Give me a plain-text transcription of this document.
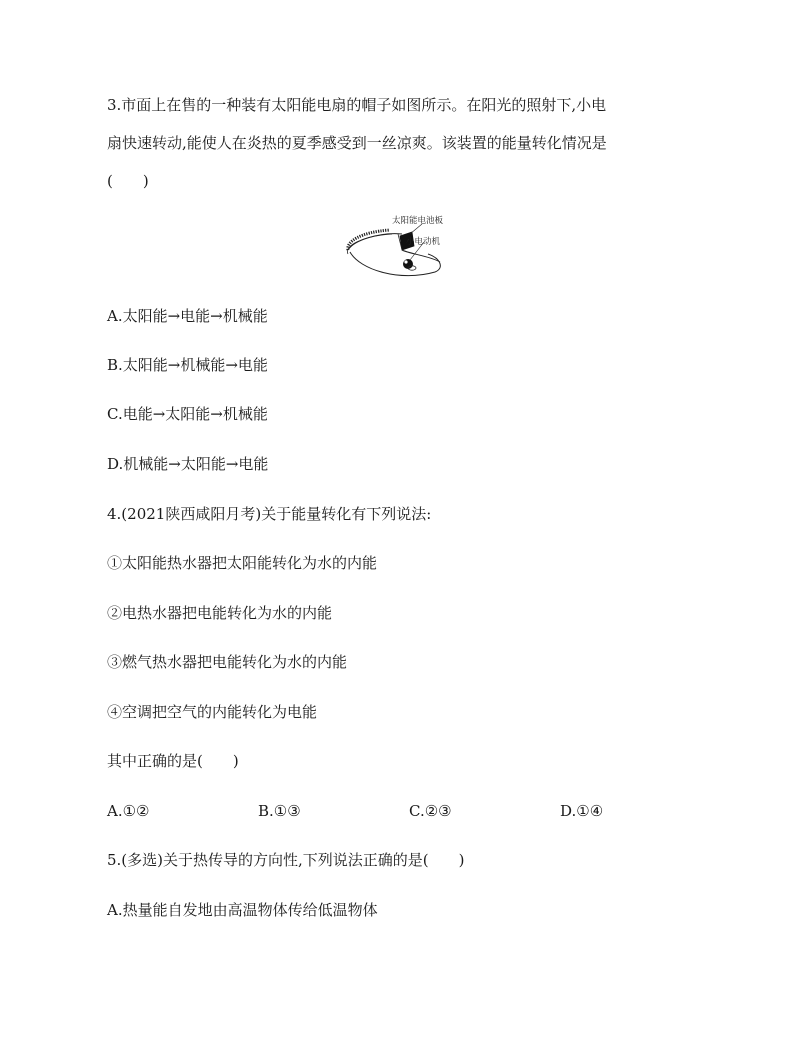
3.市面上在售的一种装有太阳能电扇的帽子如图所示。在阳光的照射下,小电
扇快速转动,能使人在炎热的夏季感受到一丝凉爽。该装置的能量转化情况是
(　　)
太阳能电池板
小电动机
A.太阳能→电能→机械能
B.太阳能→机械能→电能
C.电能→太阳能→机械能
D.机械能→太阳能→电能
4.(2021陕西咸阳月考)关于能量转化有下列说法:
①太阳能热水器把太阳能转化为水的内能
②电热水器把电能转化为水的内能
③燃气热水器把电能转化为水的内能
④空调把空气的内能转化为电能
其中正确的是(　　)
A.①②	B.①③	C.②③	D.①④
5.(多选)关于热传导的方向性,下列说法正确的是(　　)
A.热量能自发地由高温物体传给低温物体
